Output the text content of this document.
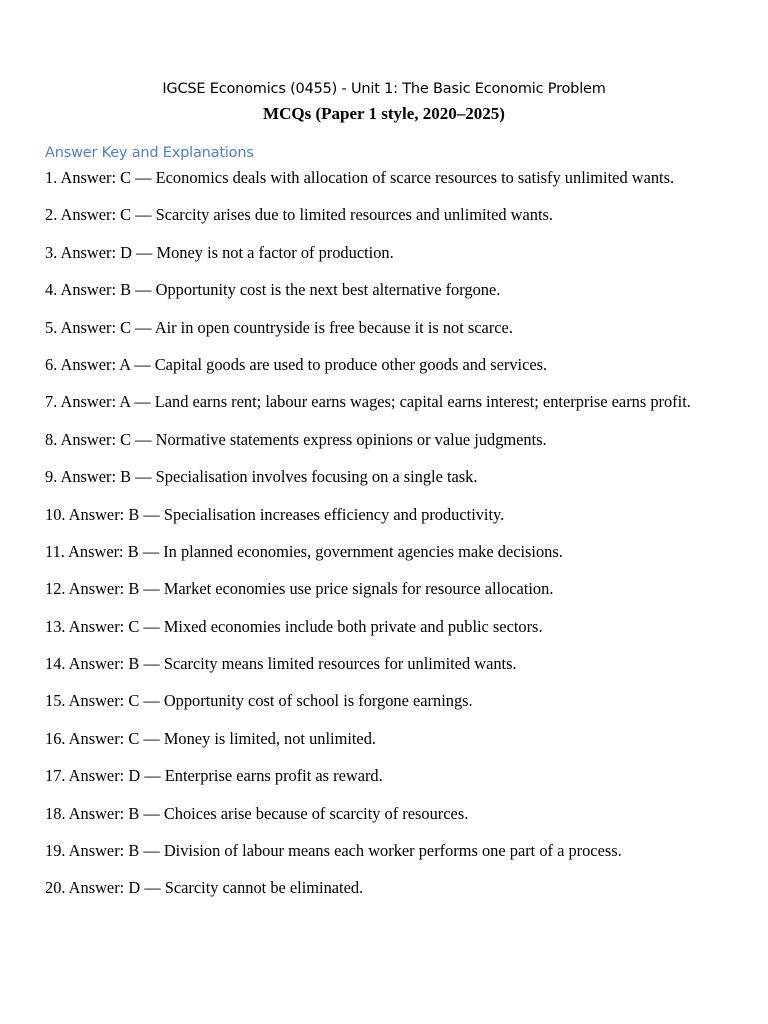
IGCSE Economics (0455) - Unit 1: The Basic Economic Problem
MCQs (Paper 1 style, 2020–2025)
Answer Key and Explanations
1. Answer: C — Economics deals with allocation of scarce resources to satisfy unlimited wants.
2. Answer: C — Scarcity arises due to limited resources and unlimited wants.
3. Answer: D — Money is not a factor of production.
4. Answer: B — Opportunity cost is the next best alternative forgone.
5. Answer: C — Air in open countryside is free because it is not scarce.
6. Answer: A — Capital goods are used to produce other goods and services.
7. Answer: A — Land earns rent; labour earns wages; capital earns interest; enterprise earns profit.
8. Answer: C — Normative statements express opinions or value judgments.
9. Answer: B — Specialisation involves focusing on a single task.
10. Answer: B — Specialisation increases efficiency and productivity.
11. Answer: B — In planned economies, government agencies make decisions.
12. Answer: B — Market economies use price signals for resource allocation.
13. Answer: C — Mixed economies include both private and public sectors.
14. Answer: B — Scarcity means limited resources for unlimited wants.
15. Answer: C — Opportunity cost of school is forgone earnings.
16. Answer: C — Money is limited, not unlimited.
17. Answer: D — Enterprise earns profit as reward.
18. Answer: B — Choices arise because of scarcity of resources.
19. Answer: B — Division of labour means each worker performs one part of a process.
20. Answer: D — Scarcity cannot be eliminated.
